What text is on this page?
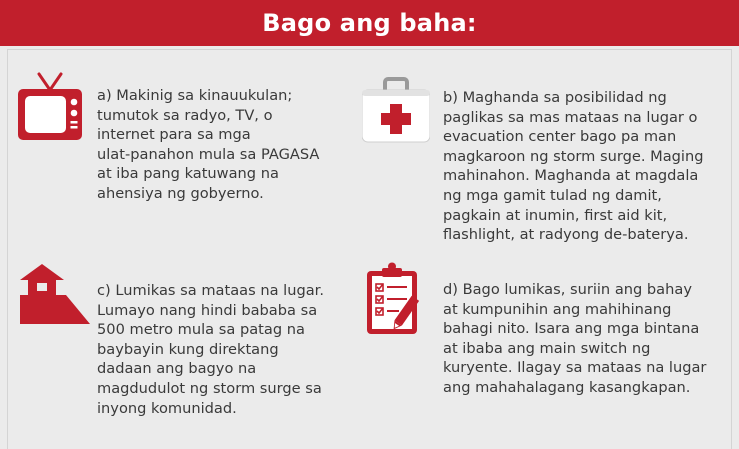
Bago ang baha:
a) Makinig sa kinauukulan;
tumutok sa radyo, TV, o
internet para sa mga
ulat-panahon mula sa PAGASA
at iba pang katuwang na
ahensiya ng gobyerno.
b) Maghanda sa posibilidad ng
paglikas sa mas mataas na lugar o
evacuation center bago pa man
magkaroon ng storm surge. Maging
mahinahon. Maghanda at magdala
ng mga gamit tulad ng damit,
pagkain at inumin, first aid kit,
flashlight, at radyong de-baterya.
c) Lumikas sa mataas na lugar.
Lumayo nang hindi bababa sa
500 metro mula sa patag na
baybayin kung direktang
dadaan ang bagyo na
magdudulot ng storm surge sa
inyong komunidad.
d) Bago lumikas, suriin ang bahay
at kumpunihin ang mahihinang
bahagi nito. Isara ang mga bintana
at ibaba ang main switch ng
kuryente. Ilagay sa mataas na lugar
ang mahahalagang kasangkapan.
